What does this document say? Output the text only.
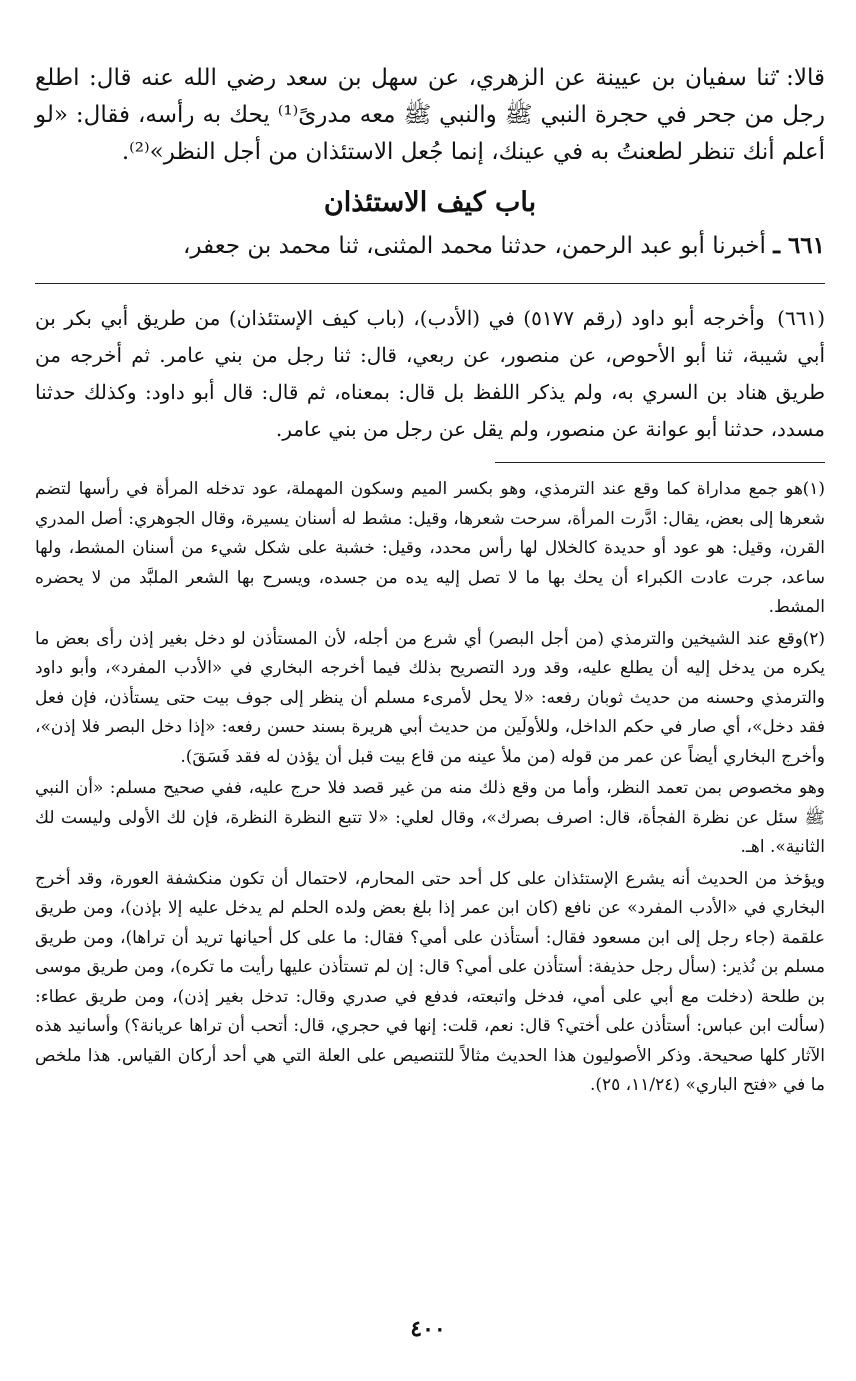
قالا: ثنا سفيان بن عيينة عن الزهري، عن سهل بن سعد رضي الله عنه قال: اطلع رجل من جحر في حجرة النبي ﷺ والنبي ﷺ معه مدرىً⁽¹⁾ يحك به رأسه، فقال: «لو أعلم أنك تنظر لطعنتُ به في عينك، إنما جُعل الاستئذان من أجل النظر»⁽²⁾.

باب كيف الاستئذان

٦٦١ ـ أخبرنا أبو عبد الرحمن، حدثنا محمد المثنى، ثنا محمد بن جعفر،

(٦٦١) وأخرجه أبو داود (رقم ٥١٧٧) في (الأدب)، (باب كيف الإستئذان) من طريق أبي بكر بن أبي شيبة، ثنا أبو الأحوص، عن منصور، عن ربعي، قال: ثنا رجل من بني عامر. ثم أخرجه من طريق هناد بن السري به، ولم يذكر اللفظ بل قال: بمعناه، ثم قال: قال أبو داود: وكذلك حدثنا مسدد، حدثنا أبو عوانة عن منصور، ولم يقل عن رجل من بني عامر.

(١)هو جمع مداراة كما وقع عند الترمذي، وهو بكسر الميم وسكون المهملة، عود تدخله المرأة في رأسها لتضم شعرها إلى بعض، يقال: ادَّرت المرأة، سرحت شعرها، وقيل: مشط له أسنان يسيرة، وقال الجوهري: أصل المدري القرن، وقيل: هو عود أو حديدة كالخلال لها رأس محدد، وقيل: خشبة على شكل شيء من أسنان المشط، ولها ساعد، جرت عادت الكبراء أن يحك بها ما لا تصل إليه يده من جسده، ويسرح بها الشعر الملبَّد من لا يحضره المشط.

(٢)وقع عند الشيخين والترمذي (من أجل البصر) أي شرع من أجله، لأن المستأذن لو دخل بغير إذن رأى بعض ما يكره من يدخل إليه أن يطلع عليه، وقد ورد التصريح بذلك فيما أخرجه البخاري في «الأدب المفرد»، وأبو داود والترمذي وحسنه من حديث ثوبان رفعه: «لا يحل لأمرىء مسلم أن ينظر إلى جوف بيت حتى يستأذن، فإن فعل فقد دخل»، أي صار في حكم الداخل، وللأولَين من حديث أبي هريرة بسند حسن رفعه: «إذا دخل البصر فلا إذن»، وأخرج البخاري أيضاً عن عمر من قوله (من ملأ عينه من قاع بيت قبل أن يؤذن له فقد فَسَقَ).

وهو مخصوص بمن تعمد النظر، وأما من وقع ذلك منه من غير قصد فلا حرج عليه، ففي صحيح مسلم: «أن النبي ﷺ سئل عن نظرة الفجأة، قال: اصرف بصرك»، وقال لعلي: «لا تتبع النظرة النظرة، فإن لك الأولى وليست لك الثانية». اهـ.

ويؤخذ من الحديث أنه يشرع الإستئذان على كل أحد حتى المحارم، لاحتمال أن تكون منكشفة العورة، وقد أخرج البخاري في «الأدب المفرد» عن نافع (كان ابن عمر إذا بلغ بعض ولده الحلم لم يدخل عليه إلا بإذن)، ومن طريق علقمة (جاء رجل إلى ابن مسعود فقال: أستأذن على أمي؟ فقال: ما على كل أحيانها تريد أن تراها)، ومن طريق مسلم بن نُذير: (سأل رجل حذيفة: أستأذن على أمي؟ قال: إن لم تستأذن عليها رأيت ما تكره)، ومن طريق موسى بن طلحة (دخلت مع أبي على أمي، فدخل واتبعته، فدفع في صدري وقال: تدخل بغير إذن)، ومن طريق عطاء: (سألت ابن عباس: أستأذن على أختي؟ قال: نعم، قلت: إنها في حجري، قال: أتحب أن تراها عريانة؟) وأسانيد هذه الآثار كلها صحيحة. وذكر الأصوليون هذا الحديث مثالاً للتنصيص على العلة التي هي أحد أركان القياس. هذا ملخص ما في «فتح الباري» (١١/٢٤، ٢٥).

٤٠٠
